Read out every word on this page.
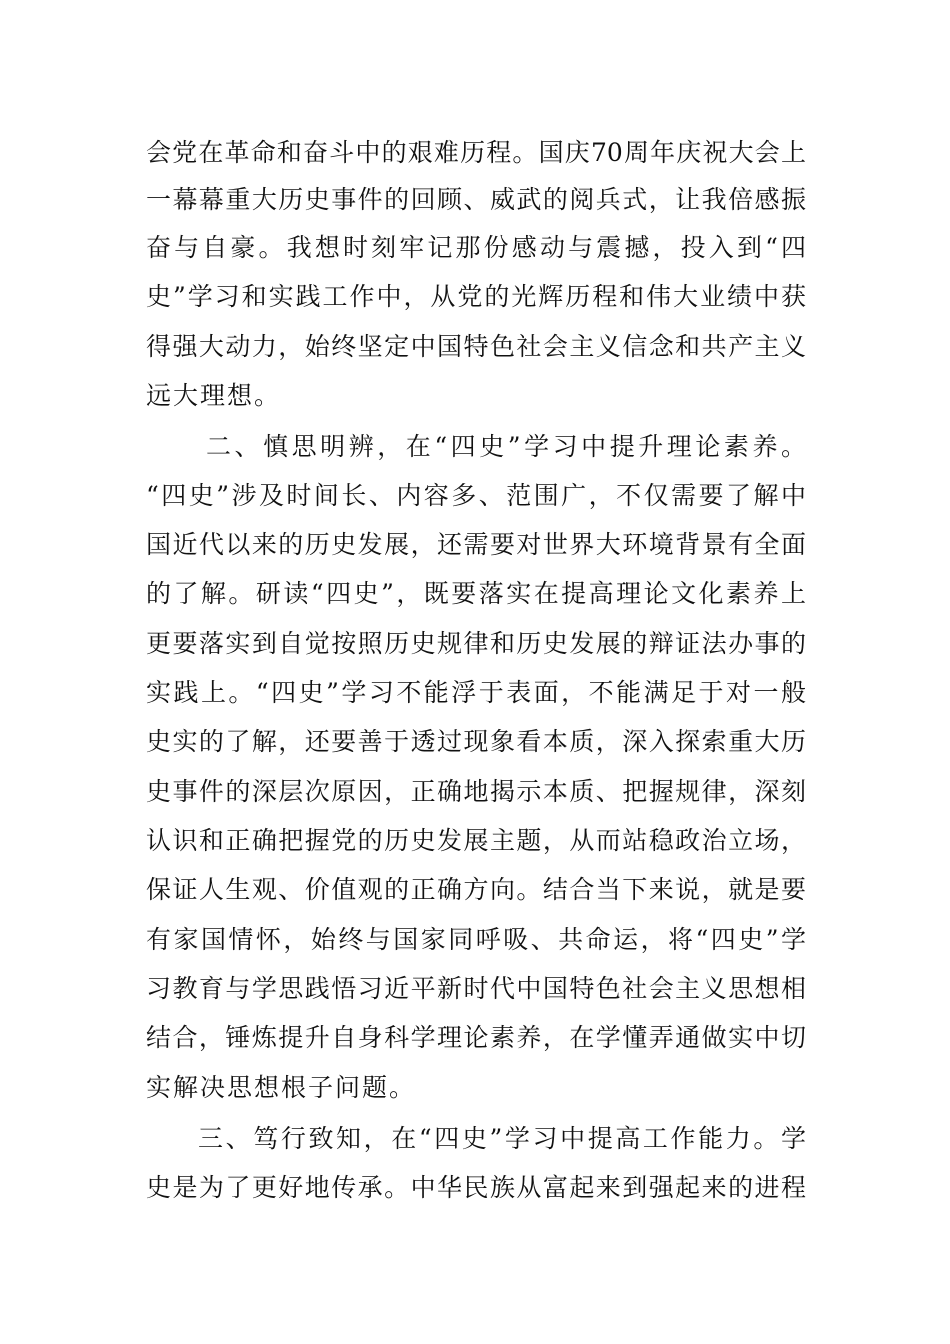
会党在革命和奋斗中的艰难历程。国庆70周年庆祝大会上
一幕幕重大历史事件的回顾、威武的阅兵式，让我倍感振
奋与自豪。我想时刻牢记那份感动与震撼，投入到“四
史”学习和实践工作中，从党的光辉历程和伟大业绩中获
得强大动力，始终坚定中国特色社会主义信念和共产主义
远大理想。
二、慎思明辨，在“四史”学习中提升理论素养。
“四史”涉及时间长、内容多、范围广，不仅需要了解中
国近代以来的历史发展，还需要对世界大环境背景有全面
的了解。研读“四史”，既要落实在提高理论文化素养上
更要落实到自觉按照历史规律和历史发展的辩证法办事的
实践上。“四史”学习不能浮于表面，不能满足于对一般
史实的了解，还要善于透过现象看本质，深入探索重大历
史事件的深层次原因，正确地揭示本质、把握规律，深刻
认识和正确把握党的历史发展主题，从而站稳政治立场，
保证人生观、价值观的正确方向。结合当下来说，就是要
有家国情怀，始终与国家同呼吸、共命运，将“四史”学
习教育与学思践悟习近平新时代中国特色社会主义思想相
结合，锤炼提升自身科学理论素养，在学懂弄通做实中切
实解决思想根子问题。
三、笃行致知，在“四史”学习中提高工作能力。学
史是为了更好地传承。中华民族从富起来到强起来的进程
